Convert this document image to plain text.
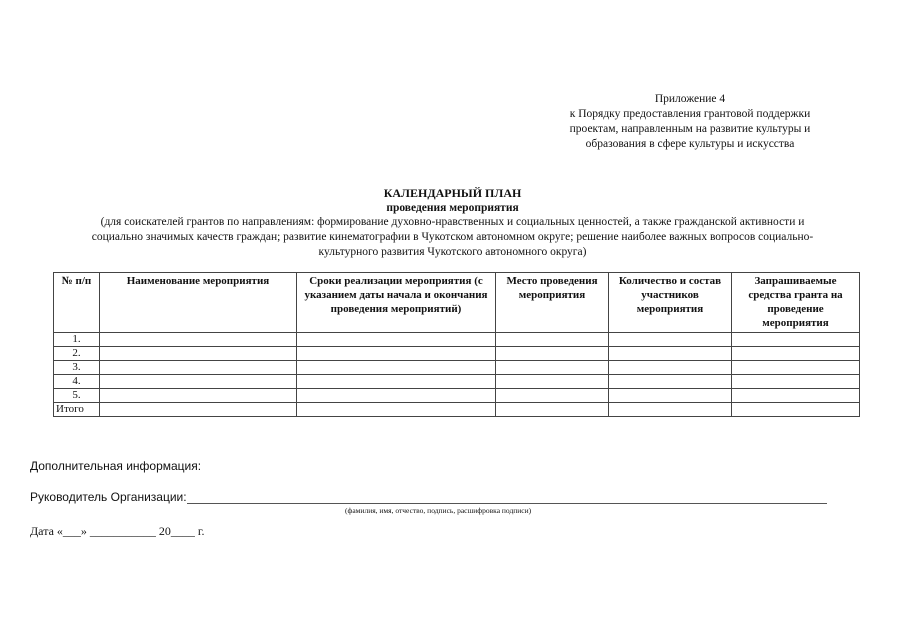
Приложение 4
к Порядку предоставления грантовой поддержки
проектам, направленным на развитие культуры и
образования в сфере культуры и искусства
КАЛЕНДАРНЫЙ ПЛАН
проведения мероприятия
(для соискателей грантов по направлениям: формирование духовно-нравственных и социальных ценностей, а также гражданской активности и
социально значимых качеств граждан; развитие кинематографии в Чукотском автономном округе; решение наиболее важных вопросов социально-
культурного развития Чукотского автономного округа)
№ п/п	Наименование мероприятия	Сроки реализации мероприятия (с указанием даты начала и окончания проведения мероприятий)	Место проведения мероприятия	Количество и состав участников мероприятия	Запрашиваемые средства гранта на проведение мероприятия
1.					
2.					
3.					
4.					
5.					
Итого					
Дополнительная информация:
Руководитель Организации:
(фамилия, имя, отчество, подпись, расшифровка подписи)
Дата «___» ___________ 20____ г.
